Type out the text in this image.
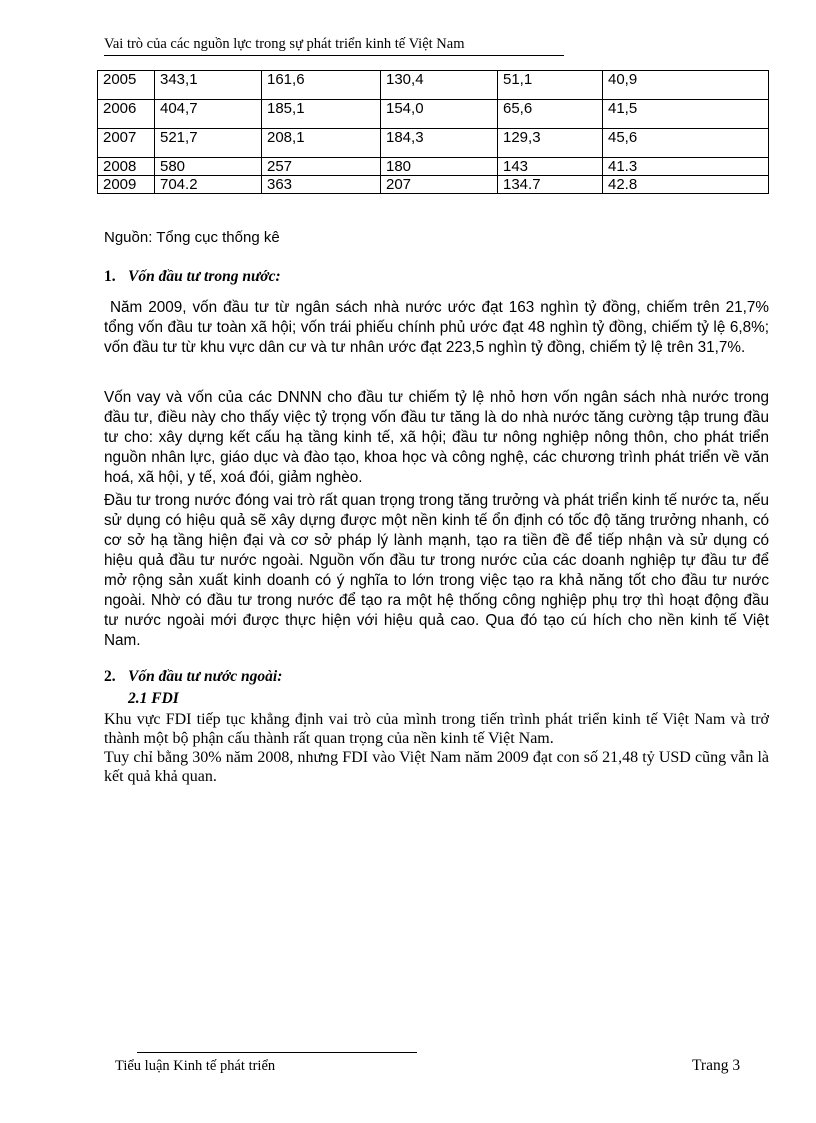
Vai trò của các nguồn lực trong sự phát triển kinh tế Việt Nam
2005	343,1	161,6	130,4	51,1	40,9
2006	404,7	185,1	154,0	65,6	41,5
2007	521,7	208,1	184,3	129,3	45,6
2008	580	257	180	143	41.3
2009	704.2	363	207	134.7	42.8
Nguồn: Tổng cục thống kê
1. Vốn đầu tư trong nước:
Năm 2009, vốn đầu tư từ ngân sách nhà nước ước đạt 163 nghìn tỷ đồng, chiếm trên 21,7% tổng vốn đầu tư toàn xã hội; vốn trái phiếu chính phủ ước đạt 48 nghìn tỷ đồng, chiếm tỷ lệ 6,8%; vốn đầu tư từ khu vực dân cư và tư nhân ước đạt 223,5 nghìn tỷ đồng, chiếm tỷ lệ trên 31,7%.
Vốn vay và vốn của các DNNN cho đầu tư chiếm tỷ lệ nhỏ hơn vốn ngân sách nhà nước trong đầu tư, điều này cho thấy việc tỷ trọng vốn đầu tư tăng là do nhà nước tăng cường tập trung đầu tư cho: xây dựng kết cấu hạ tầng kinh tế, xã hội; đầu tư nông nghiệp nông thôn, cho phát triển nguồn nhân lực, giáo dục và đào tạo, khoa học và công nghệ, các chương trình phát triển về văn hoá, xã hội, y tế, xoá đói, giảm nghèo.
Đầu tư trong nước đóng vai trò rất quan trọng trong tăng trưởng và phát triển kinh tế nước ta, nếu sử dụng có hiệu quả sẽ xây dựng được một nền kinh tế ổn định có tốc độ tăng trưởng nhanh, có cơ sở hạ tầng hiện đại và cơ sở pháp lý lành mạnh, tạo ra tiền đề để tiếp nhận và sử dụng có hiệu quả đầu tư nước ngoài. Nguồn vốn đầu tư trong nước của các doanh nghiệp tự đầu tư để mở rộng sản xuất kinh doanh có ý nghĩa to lớn trong việc tạo ra khả năng tốt cho đầu tư nước ngoài. Nhờ có đầu tư trong nước để tạo ra một hệ thống công nghiệp phụ trợ thì hoạt động đầu tư nước ngoài mới được thực hiện với hiệu quả cao. Qua đó tạo cú hích cho nền kinh tế Việt Nam.
2. Vốn đầu tư nước ngoài:
2.1 FDI
Khu vực FDI tiếp tục khẳng định vai trò của mình trong tiến trình phát triển kinh tế Việt Nam và trở thành một bộ phận cấu thành rất quan trọng của nền kinh tế Việt Nam.
Tuy chỉ bằng 30% năm 2008, nhưng FDI vào Việt Nam năm 2009 đạt con số 21,48 tỷ USD cũng vẫn là kết quả khả quan.
Tiểu luận Kinh tế phát triển	Trang 3
